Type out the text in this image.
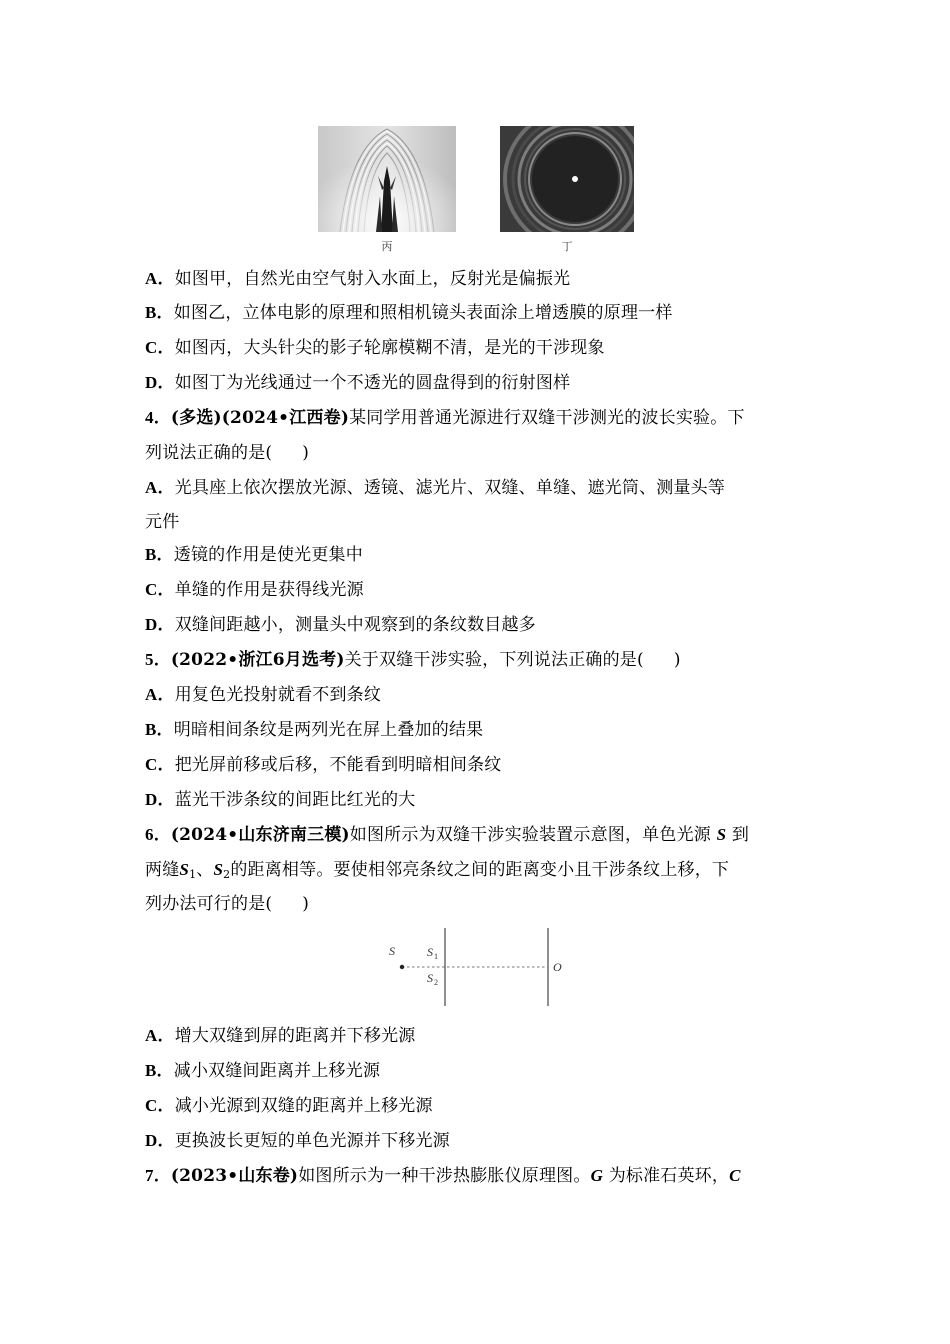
丙	丁
A．如图甲，自然光由空气射入水面上，反射光是偏振光
B．如图乙，立体电影的原理和照相机镜头表面涂上增透膜的原理一样
C．如图丙，大头针尖的影子轮廓模糊不清，是光的干涉现象
D．如图丁为光线通过一个不透光的圆盘得到的衍射图样
4．(多选)(2024•江西卷)某同学用普通光源进行双缝干涉测光的波长实验。下
列说法正确的是( )
A．光具座上依次摆放光源、透镜、滤光片、双缝、单缝、遮光筒、测量头等
元件
B．透镜的作用是使光更集中
C．单缝的作用是获得线光源
D．双缝间距越小，测量头中观察到的条纹数目越多
5．(2022•浙江6月选考)关于双缝干涉实验，下列说法正确的是( )
A．用复色光投射就看不到条纹
B．明暗相间条纹是两列光在屏上叠加的结果
C．把光屏前移或后移，不能看到明暗相间条纹
D．蓝光干涉条纹的间距比红光的大
6．(2024•山东济南三模)如图所示为双缝干涉实验装置示意图，单色光源 S 到
两缝$S_1$、$S_2$的距离相等。要使相邻亮条纹之间的距离变小且干涉条纹上移，下
列办法可行的是( )
S	S 1
S 2
O
A．增大双缝到屏的距离并下移光源
B．减小双缝间距离并上移光源
C．减小光源到双缝的距离并上移光源
D．更换波长更短的单色光源并下移光源
7．(2023•山东卷)如图所示为一种干涉热膨胀仪原理图。G 为标准石英环，C
